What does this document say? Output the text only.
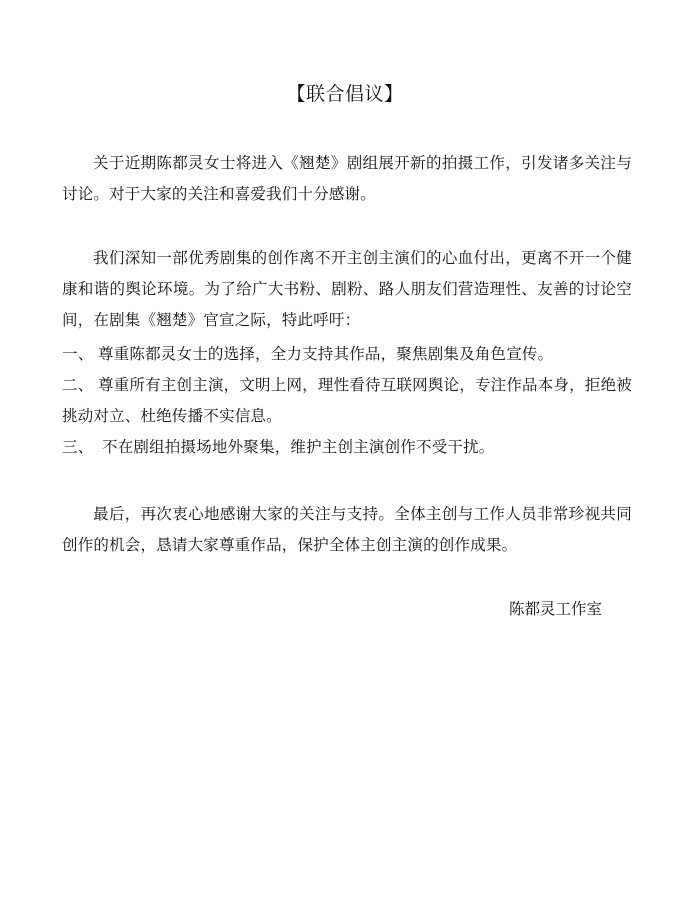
【联合倡议】
关于近期陈都灵女士将进入《翘楚》剧组展开新的拍摄工作，引发诸多关注与讨论。对于大家的关注和喜爱我们十分感谢。
我们深知一部优秀剧集的创作离不开主创主演们的心血付出，更离不开一个健康和谐的舆论环境。为了给广大书粉、剧粉、路人朋友们营造理性、友善的讨论空间，在剧集《翘楚》官宣之际，特此呼吁：
一、 尊重陈都灵女士的选择，全力支持其作品，聚焦剧集及角色宣传。
二、 尊重所有主创主演，文明上网，理性看待互联网舆论，专注作品本身，拒绝被挑动对立、杜绝传播不实信息。
三、 不在剧组拍摄场地外聚集，维护主创主演创作不受干扰。
最后，再次衷心地感谢大家的关注与支持。全体主创与工作人员非常珍视共同创作的机会，恳请大家尊重作品，保护全体主创主演的创作成果。
陈都灵工作室
